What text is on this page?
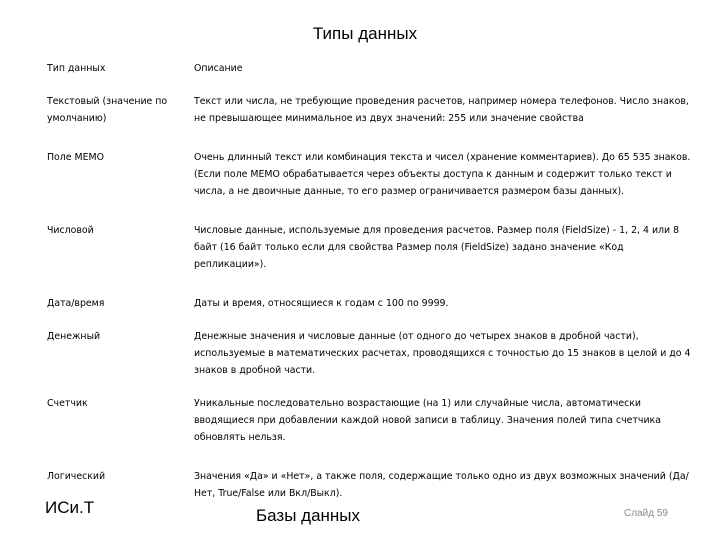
Типы данных
Тип данных	Описание
Текстовый (значение по умолчанию)	Текст или числа, не требующие проведения расчетов, например номера телефонов. Число знаков, не превышающее минимальное из двух значений: 255 или значение свойства
Поле MEMO	Очень длинный текст или комбинация текста и чисел (хранение комментариев). До 65 535 знаков. (Если поле MEMO обрабатывается через объекты доступа к данным и содержит только текст и числа, а не двоичные данные, то его размер ограничивается размером базы данных).
Числовой	Числовые данные, используемые для проведения расчетов. Размер поля (FieldSize) - 1, 2, 4 или 8 байт (16 байт только если для свойства Размер поля (FieldSize) задано значение «Код репликации»).
Дата/время	Даты и время, относящиеся к годам с 100 по 9999.
Денежный	Денежные значения и числовые данные (от одного до четырех знаков в дробной части), используемые в математических расчетах, проводящихся с точностью до 15 знаков в целой и до 4 знаков в дробной части.
Счетчик	Уникальные последовательно возрастающие (на 1) или случайные числа, автоматически вводящиеся при добавлении каждой новой записи в таблицу. Значения полей типа счетчика обновлять нельзя.
Логический	Значения «Да» и «Нет», а также поля, содержащие только одно из двух возможных значений (Да/Нет, True/False или Вкл/Выкл).
ИСи.Т	Базы данных	Слайд 59
